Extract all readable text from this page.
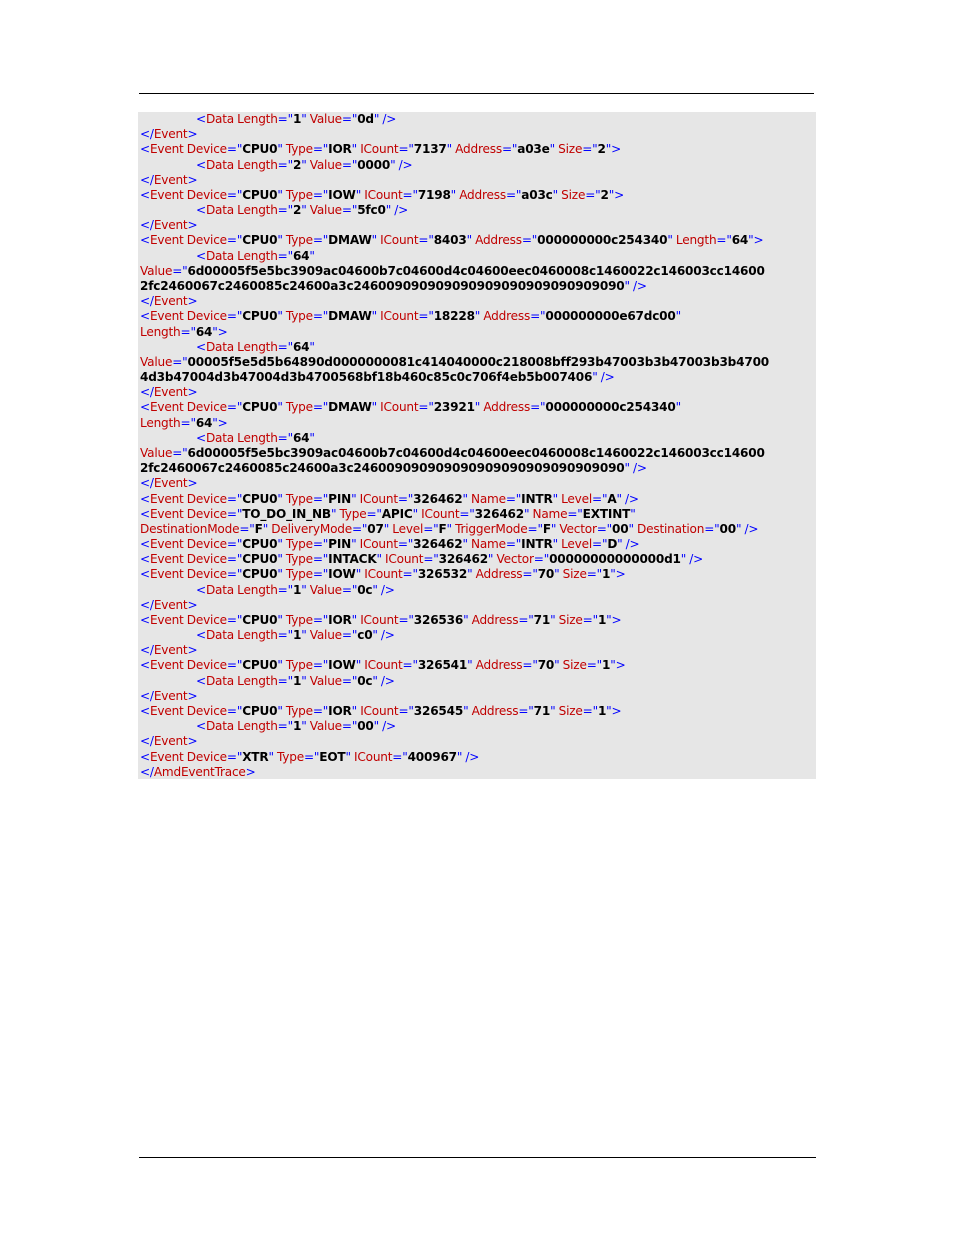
<Data Length="1" Value="0d" />
</Event>
<Event Device="CPU0" Type="IOR" ICount="7137" Address="a03e" Size="2">
<Data Length="2" Value="0000" />
</Event>
<Event Device="CPU0" Type="IOW" ICount="7198" Address="a03c" Size="2">
<Data Length="2" Value="5fc0" />
</Event>
<Event Device="CPU0" Type="DMAW" ICount="8403" Address="000000000c254340" Length="64">
<Data Length="64"
Value="6d00005f5e5bc3909ac04600b7c04600d4c04600eec0460008c1460022c146003cc14600
2fc2460067c2460085c24600a3c246009090909090909090909090909090" />
</Event>
<Event Device="CPU0" Type="DMAW" ICount="18228" Address="000000000e67dc00"
Length="64">
<Data Length="64"
Value="00005f5e5d5b64890d0000000081c414040000c218008bff293b47003b3b47003b3b4700
4d3b47004d3b47004d3b4700568bf18b460c85c0c706f4eb5b007406" />
</Event>
<Event Device="CPU0" Type="DMAW" ICount="23921" Address="000000000c254340"
Length="64">
<Data Length="64"
Value="6d00005f5e5bc3909ac04600b7c04600d4c04600eec0460008c1460022c146003cc14600
2fc2460067c2460085c24600a3c246009090909090909090909090909090" />
</Event>
<Event Device="CPU0" Type="PIN" ICount="326462" Name="INTR" Level="A" />
<Event Device="TO_DO_IN_NB" Type="APIC" ICount="326462" Name="EXTINT"
DestinationMode="F" DeliveryMode="07" Level="F" TriggerMode="F" Vector="00" Destination="00" />
<Event Device="CPU0" Type="PIN" ICount="326462" Name="INTR" Level="D" />
<Event Device="CPU0" Type="INTACK" ICount="326462" Vector="00000000000000d1" />
<Event Device="CPU0" Type="IOW" ICount="326532" Address="70" Size="1">
<Data Length="1" Value="0c" />
</Event>
<Event Device="CPU0" Type="IOR" ICount="326536" Address="71" Size="1">
<Data Length="1" Value="c0" />
</Event>
<Event Device="CPU0" Type="IOW" ICount="326541" Address="70" Size="1">
<Data Length="1" Value="0c" />
</Event>
<Event Device="CPU0" Type="IOR" ICount="326545" Address="71" Size="1">
<Data Length="1" Value="00" />
</Event>
<Event Device="XTR" Type="EOT" ICount="400967" />
</AmdEventTrace>
